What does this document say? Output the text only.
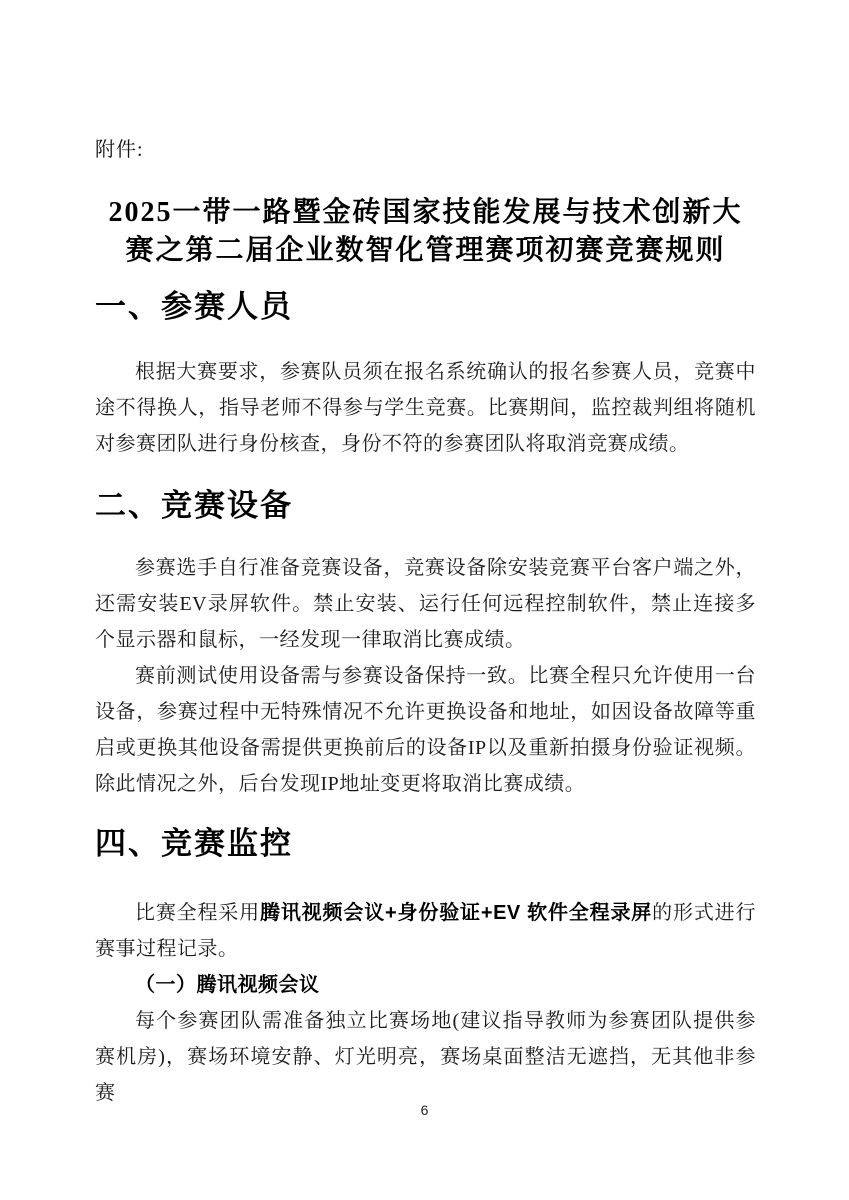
附件:
2025一带一路暨金砖国家技能发展与技术创新大赛之第二届企业数智化管理赛项初赛竞赛规则
一、参赛人员

根据大赛要求，参赛队员须在报名系统确认的报名参赛人员，竞赛中途不得换人，指导老师不得参与学生竞赛。比赛期间，监控裁判组将随机对参赛团队进行身份核查，身份不符的参赛团队将取消竞赛成绩。

二、竞赛设备

参赛选手自行准备竞赛设备，竞赛设备除安装竞赛平台客户端之外，还需安装EV录屏软件。禁止安装、运行任何远程控制软件，禁止连接多个显示器和鼠标，一经发现一律取消比赛成绩。

赛前测试使用设备需与参赛设备保持一致。比赛全程只允许使用一台设备，参赛过程中无特殊情况不允许更换设备和地址，如因设备故障等重启或更换其他设备需提供更换前后的设备IP以及重新拍摄身份验证视频。除此情况之外，后台发现IP地址变更将取消比赛成绩。

四、竞赛监控

比赛全程采用腾讯视频会议+身份验证+EV 软件全程录屏的形式进行赛事过程记录。

（一）腾讯视频会议

每个参赛团队需准备独立比赛场地(建议指导教师为参赛团队提供参赛机房)，赛场环境安静、灯光明亮，赛场桌面整洁无遮挡，无其他非参赛

6
